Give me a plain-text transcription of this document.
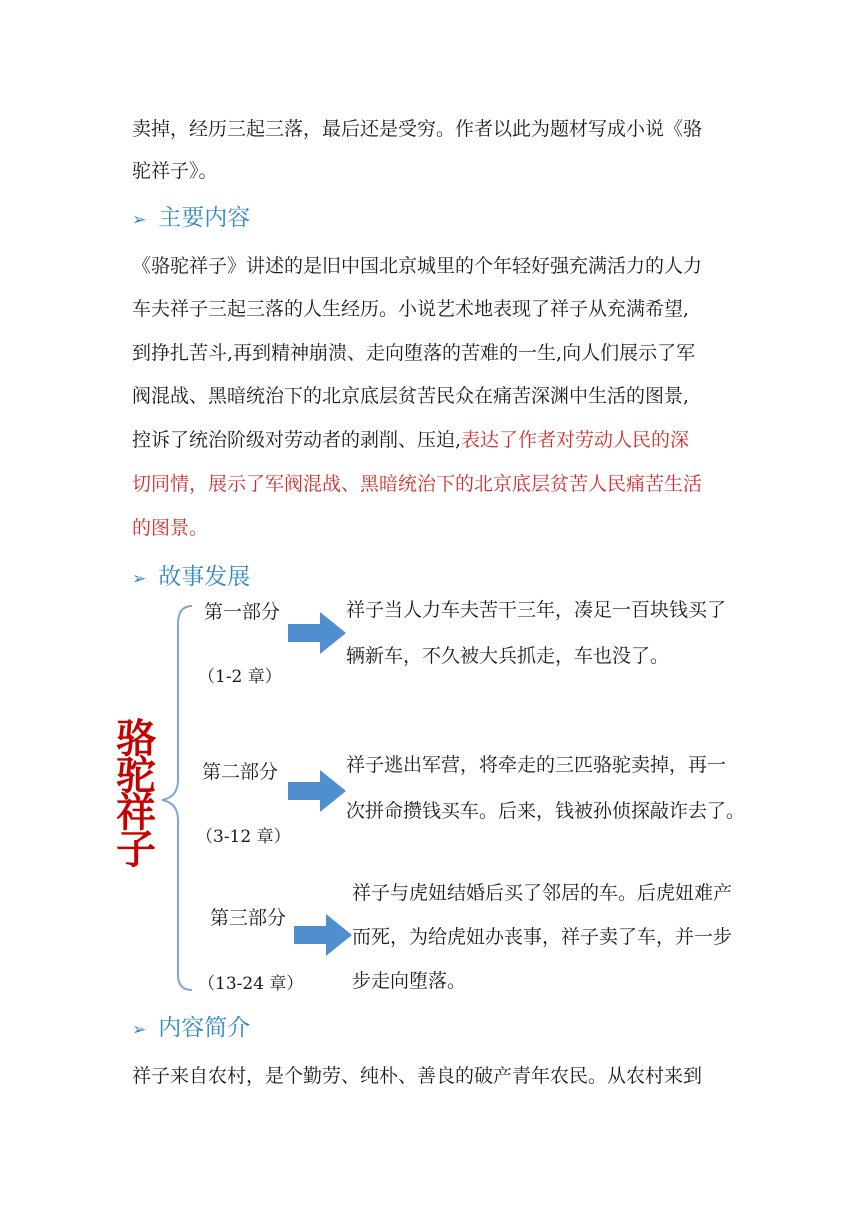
卖掉，经历三起三落，最后还是受穷。作者以此为题材写成小说《骆
驼祥子》。
➢ 主要内容
《骆驼祥子》讲述的是旧中国北京城里的个年轻好强充满活力的人力
车夫祥子三起三落的人生经历。小说艺术地表现了祥子从充满希望,
到挣扎苦斗,再到精神崩溃、走向堕落的苦难的一生,向人们展示了军
阀混战、黑暗统治下的北京底层贫苦民众在痛苦深渊中生活的图景,
控诉了统治阶级对劳动者的剥削、压迫,表达了作者对劳动人民的深
切同情，展示了军阀混战、黑暗统治下的北京底层贫苦人民痛苦生活
的图景。
➢ 故事发展
骆
驼
祥
子
第一部分
（1-2 章）
祥子当人力车夫苦干三年，凑足一百块钱买了
辆新车，不久被大兵抓走，车也没了。
第二部分
（3-12 章）
祥子逃出军营，将牵走的三匹骆驼卖掉，再一
次拼命攒钱买车。后来，钱被孙侦探敲诈去了。
第三部分
（13-24 章）
祥子与虎妞结婚后买了邻居的车。后虎妞难产
而死，为给虎妞办丧事，祥子卖了车，并一步
步走向堕落。
➢ 内容简介
祥子来自农村，是个勤劳、纯朴、善良的破产青年农民。从农村来到
